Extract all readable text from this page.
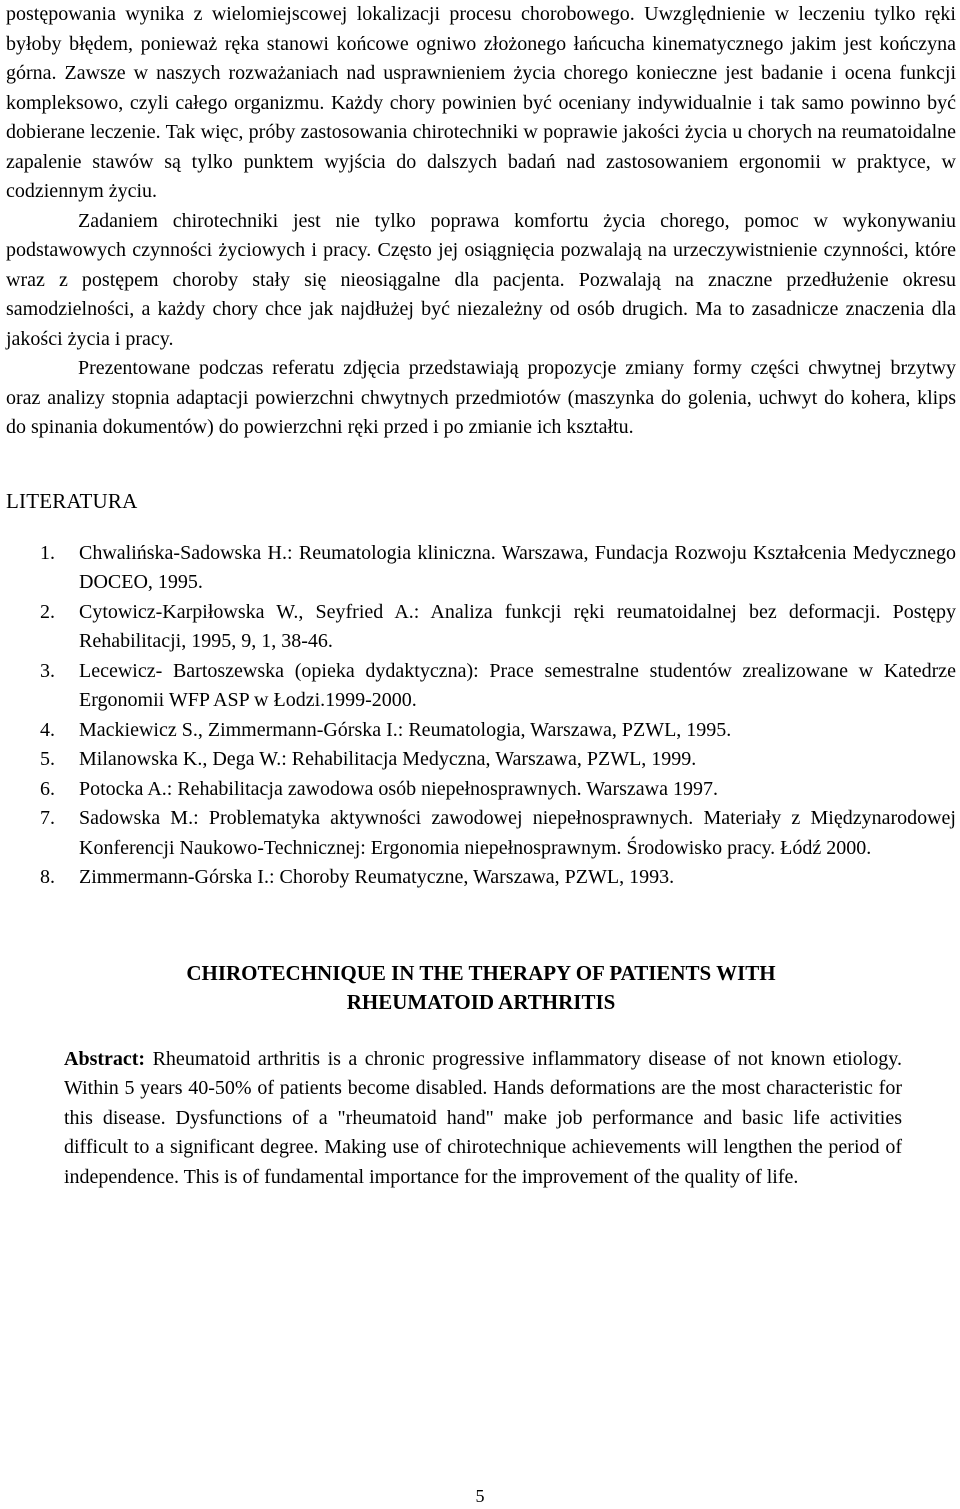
postępowania wynika z wielomiejscowej lokalizacji procesu chorobowego. Uwzględnienie w leczeniu tylko ręki byłoby błędem, ponieważ ręka stanowi końcowe ogniwo złożonego łańcucha kinematycznego jakim jest kończyna górna. Zawsze w naszych rozważaniach nad usprawnieniem życia chorego konieczne jest badanie i ocena funkcji kompleksowo, czyli całego organizmu. Każdy chory powinien być oceniany indywidualnie i tak samo powinno być dobierane leczenie. Tak więc, próby zastosowania chirotechniki w poprawie jakości życia u chorych na reumatoidalne zapalenie stawów są tylko punktem wyjścia do dalszych badań nad zastosowaniem ergonomii w praktyce, w codziennym życiu.

Zadaniem chirotechniki jest nie tylko poprawa komfortu życia chorego, pomoc w wykonywaniu podstawowych czynności życiowych i pracy. Często jej osiągnięcia pozwalają na urzeczywistnienie czynności, które wraz z postępem choroby stały się nieosiągalne dla pacjenta. Pozwalają na znaczne przedłużenie okresu samodzielności, a każdy chory chce jak najdłużej być niezależny od osób drugich. Ma to zasadnicze znaczenia dla jakości życia i pracy.

Prezentowane podczas referatu zdjęcia przedstawiają propozycje zmiany formy części chwytnej brzytwy oraz analizy stopnia adaptacji powierzchni chwytnych przedmiotów (maszynka do golenia, uchwyt do kohera, klips do spinania dokumentów) do powierzchni ręki przed i po zmianie ich kształtu.

LITERATURA
1. Chwalińska-Sadowska H.: Reumatologia kliniczna. Warszawa, Fundacja Rozwoju Kształcenia Medycznego DOCEO, 1995.
2. Cytowicz-Karpiłowska W., Seyfried A.: Analiza funkcji ręki reumatoidalnej bez deformacji. Postępy Rehabilitacji, 1995, 9, 1, 38-46.
3. Lecewicz- Bartoszewska (opieka dydaktyczna): Prace semestralne studentów zrealizowane w Katedrze Ergonomii WFP ASP w Łodzi.1999-2000.
4. Mackiewicz S., Zimmermann-Górska I.: Reumatologia, Warszawa, PZWL, 1995.
5. Milanowska K., Dega W.: Rehabilitacja Medyczna, Warszawa, PZWL, 1999.
6. Potocka A.: Rehabilitacja zawodowa osób niepełnosprawnych. Warszawa 1997.
7. Sadowska M.: Problematyka aktywności zawodowej niepełnosprawnych. Materiały z Międzynarodowej Konferencji Naukowo-Technicznej: Ergonomia niepełnosprawnym. Środowisko pracy. Łódź 2000.
8. Zimmermann-Górska I.: Choroby Reumatyczne, Warszawa, PZWL, 1993.
CHIROTECHNIQUE IN THE THERAPY OF PATIENTS WITH
RHEUMATOID ARTHRITIS

Abstract: Rheumatoid arthritis is a chronic progressive inflammatory disease of not known etiology. Within 5 years 40-50% of patients become disabled. Hands deformations are the most characteristic for this disease. Dysfunctions of a "rheumatoid hand" make job performance and basic life activities difficult to a significant degree. Making use of chirotechnique achievements will lengthen the period of independence. This is of fundamental importance for the improvement of the quality of life.

5
